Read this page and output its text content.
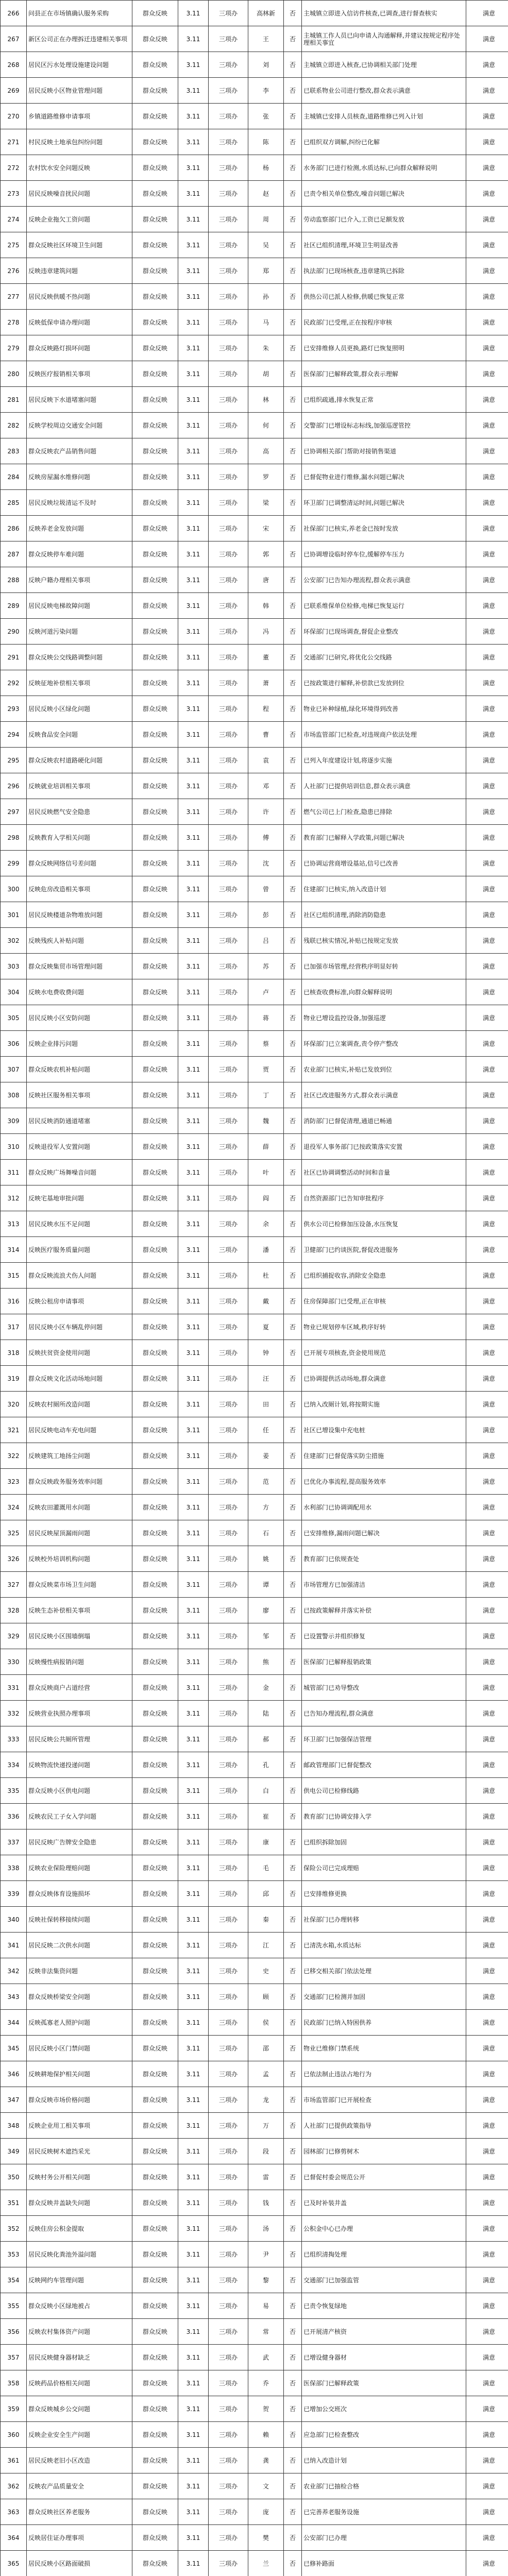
266	问县正在市场镇确认服务采购	群众反映	3.11	三项办	高林新	否	主城镇立即进入信访件核查,已调查,进行督查核实	满意	
267	新区公司正在办理拆迁违建相关事项	群众反映	3.11	三项办	王	否	主城镇工作人员已向申请人沟通解释,并建议按规定程序处理相关事宜	满意	
268	居民区污水处理设施建设问题	群众反映	3.11	三项办	刘	否	主城镇立即进入核查,已协调相关部门处理	满意	
269	居民反映小区物业管理问题	群众反映	3.11	三项办	李	否	已联系物业公司进行整改,群众表示满意	满意	
270	乡镇道路维修申请事项	群众反映	3.11	三项办	张	否	主城镇已安排人员核查,道路维修已列入计划	满意	
271	村民反映土地承包纠纷问题	群众反映	3.11	三项办	陈	否	已组织双方调解,纠纷已化解	满意	
272	农村饮水安全问题反映	群众反映	3.11	三项办	杨	否	水务部门已进行检测,水质达标,已向群众解释说明	满意	
273	居民反映噪音扰民问题	群众反映	3.11	三项办	赵	否	已责令相关单位整改,噪音问题已解决	满意	
274	反映企业拖欠工资问题	群众反映	3.11	三项办	周	否	劳动监察部门已介入,工资已足额发放	满意	
275	群众反映社区环境卫生问题	群众反映	3.11	三项办	吴	否	社区已组织清理,环境卫生明显改善	满意	
276	反映违章建筑问题	群众反映	3.11	三项办	郑	否	执法部门已现场核查,违章建筑已拆除	满意	
277	居民反映供暖不热问题	群众反映	3.11	三项办	孙	否	供热公司已派人检修,供暖已恢复正常	满意	
278	反映低保申请办理问题	群众反映	3.11	三项办	马	否	民政部门已受理,正在按程序审核	满意	
279	群众反映路灯损坏问题	群众反映	3.11	三项办	朱	否	已安排维修人员更换,路灯已恢复照明	满意	
280	反映医疗报销相关事项	群众反映	3.11	三项办	胡	否	医保部门已解释政策,群众表示理解	满意	
281	居民反映下水道堵塞问题	群众反映	3.11	三项办	林	否	已组织疏通,排水恢复正常	满意	
282	反映学校周边交通安全问题	群众反映	3.11	三项办	何	否	交警部门已增设标志标线,加强巡逻管控	满意	
283	群众反映农产品销售问题	群众反映	3.11	三项办	高	否	已协调相关部门帮助对接销售渠道	满意	
284	反映房屋漏水维修问题	群众反映	3.11	三项办	罗	否	已督促物业进行维修,漏水问题已解决	满意	
285	居民反映垃圾清运不及时	群众反映	3.11	三项办	梁	否	环卫部门已调整清运时间,问题已解决	满意	
286	反映养老金发放问题	群众反映	3.11	三项办	宋	否	社保部门已核实,养老金已按时发放	满意	
287	群众反映停车难问题	群众反映	3.11	三项办	郭	否	已协调增设临时停车位,缓解停车压力	满意	
288	反映户籍办理相关事项	群众反映	3.11	三项办	唐	否	公安部门已告知办理流程,群众表示满意	满意	
289	居民反映电梯故障问题	群众反映	3.11	三项办	韩	否	已联系维保单位检修,电梯已恢复运行	满意	
290	反映河道污染问题	群众反映	3.11	三项办	冯	否	环保部门已现场调查,督促企业整改	满意	
291	群众反映公交线路调整问题	群众反映	3.11	三项办	董	否	交通部门已研究,将优化公交线路	满意	
292	反映征地补偿相关事项	群众反映	3.11	三项办	萧	否	已按政策进行解释,补偿款已发放到位	满意	
293	居民反映小区绿化问题	群众反映	3.11	三项办	程	否	物业已补种绿植,绿化环境得到改善	满意	
294	反映食品安全问题	群众反映	3.11	三项办	曹	否	市场监管部门已检查,对违规商户依法处理	满意	
295	群众反映农村道路硬化问题	群众反映	3.11	三项办	袁	否	已列入年度建设计划,将逐步实施	满意	
296	反映就业培训相关事项	群众反映	3.11	三项办	邓	否	人社部门已提供培训信息,群众表示满意	满意	
297	居民反映燃气安全隐患	群众反映	3.11	三项办	许	否	燃气公司已上门检查,隐患已排除	满意	
298	反映教育入学相关问题	群众反映	3.11	三项办	傅	否	教育部门已解释入学政策,问题已解决	满意	
299	群众反映网络信号差问题	群众反映	3.11	三项办	沈	否	已协调运营商增设基站,信号已改善	满意	
300	反映危房改造相关事项	群众反映	3.11	三项办	曾	否	住建部门已核实,纳入改造计划	满意	
301	居民反映楼道杂物堆放问题	群众反映	3.11	三项办	彭	否	社区已组织清理,消除消防隐患	满意	
302	反映残疾人补贴问题	群众反映	3.11	三项办	吕	否	残联已核实情况,补贴已按规定发放	满意	
303	群众反映集贸市场管理问题	群众反映	3.11	三项办	苏	否	已加强市场管理,经营秩序明显好转	满意	
304	反映水电费收费问题	群众反映	3.11	三项办	卢	否	已核查收费标准,向群众解释说明	满意	
305	居民反映小区安防问题	群众反映	3.11	三项办	蒋	否	物业已增设监控设备,加强巡逻	满意	
306	反映企业排污问题	群众反映	3.11	三项办	蔡	否	环保部门已立案调查,责令停产整改	满意	
307	群众反映农机补贴问题	群众反映	3.11	三项办	贾	否	农业部门已核实,补贴已发放到位	满意	
308	反映社区服务相关事项	群众反映	3.11	三项办	丁	否	社区已改进服务方式,群众表示满意	满意	
309	居民反映消防通道堵塞	群众反映	3.11	三项办	魏	否	消防部门已督促清理,通道已畅通	满意	
310	反映退役军人安置问题	群众反映	3.11	三项办	薛	否	退役军人事务部门已按政策落实安置	满意	
311	群众反映广场舞噪音问题	群众反映	3.11	三项办	叶	否	社区已协调调整活动时间和音量	满意	
312	反映宅基地审批问题	群众反映	3.11	三项办	阎	否	自然资源部门已告知审批程序	满意	
313	居民反映水压不足问题	群众反映	3.11	三项办	余	否	供水公司已检修加压设备,水压恢复	满意	
314	反映医疗服务质量问题	群众反映	3.11	三项办	潘	否	卫健部门已约谈医院,督促改进服务	满意	
315	群众反映流浪犬伤人问题	群众反映	3.11	三项办	杜	否	已组织捕捉收容,消除安全隐患	满意	
316	反映公租房申请事项	群众反映	3.11	三项办	戴	否	住房保障部门已受理,正在审核	满意	
317	居民反映小区车辆乱停问题	群众反映	3.11	三项办	夏	否	物业已规划停车区域,秩序好转	满意	
318	反映扶贫资金使用问题	群众反映	3.11	三项办	钟	否	已开展专项核查,资金使用规范	满意	
319	群众反映文化活动场地问题	群众反映	3.11	三项办	汪	否	已协调提供活动场地,群众满意	满意	
320	反映农村厕所改造问题	群众反映	3.11	三项办	田	否	已纳入改厕计划,将按期实施	满意	
321	居民反映电动车充电问题	群众反映	3.11	三项办	任	否	社区已增设集中充电桩	满意	
322	反映建筑工地扬尘问题	群众反映	3.11	三项办	姜	否	住建部门已督促落实防尘措施	满意	
323	群众反映政务服务效率问题	群众反映	3.11	三项办	范	否	已优化办事流程,提高服务效率	满意	
324	反映农田灌溉用水问题	群众反映	3.11	三项办	方	否	水利部门已协调调配用水	满意	
325	居民反映屋顶漏雨问题	群众反映	3.11	三项办	石	否	已安排维修,漏雨问题已解决	满意	
326	反映校外培训机构问题	群众反映	3.11	三项办	姚	否	教育部门已依规查处	满意	
327	群众反映菜市场卫生问题	群众反映	3.11	三项办	谭	否	市场管理方已加强清洁	满意	
328	反映生态补偿相关事项	群众反映	3.11	三项办	廖	否	已按政策解释并落实补偿	满意	
329	居民反映小区围墙倒塌	群众反映	3.11	三项办	邹	否	已设置警示并组织修复	满意	
330	反映慢性病报销问题	群众反映	3.11	三项办	熊	否	医保部门已解释报销政策	满意	
331	群众反映商户占道经营	群众反映	3.11	三项办	金	否	城管部门已劝导整改	满意	
332	反映营业执照办理事项	群众反映	3.11	三项办	陆	否	已告知办理流程,群众满意	满意	
333	居民反映公共厕所管理	群众反映	3.11	三项办	郝	否	环卫部门已加强保洁管理	满意	
334	反映物流快递投递问题	群众反映	3.11	三项办	孔	否	邮政管理部门已督促整改	满意	
335	群众反映小区供电问题	群众反映	3.11	三项办	白	否	供电公司已检修线路	满意	
336	反映农民工子女入学问题	群众反映	3.11	三项办	崔	否	教育部门已协调安排入学	满意	
337	居民反映广告牌安全隐患	群众反映	3.11	三项办	康	否	已组织拆除加固	满意	
338	反映农业保险理赔问题	群众反映	3.11	三项办	毛	否	保险公司已完成理赔	满意	
339	群众反映体育设施损坏	群众反映	3.11	三项办	邱	否	已安排维修更换	满意	
340	反映社保转移接续问题	群众反映	3.11	三项办	秦	否	社保部门已办理转移	满意	
341	居民反映二次供水问题	群众反映	3.11	三项办	江	否	已清洗水箱,水质达标	满意	
342	反映非法集资问题	群众反映	3.11	三项办	史	否	已移交相关部门依法处理	满意	
343	群众反映桥梁安全问题	群众反映	3.11	三项办	顾	否	交通部门已检测并加固	满意	
344	反映孤寡老人照护问题	群众反映	3.11	三项办	侯	否	民政部门已纳入特困供养	满意	
345	居民反映小区门禁问题	群众反映	3.11	三项办	邵	否	物业已维修门禁系统	满意	
346	反映耕地保护相关问题	群众反映	3.11	三项办	孟	否	已依法制止违法占地行为	满意	
347	群众反映市场价格问题	群众反映	3.11	三项办	龙	否	市场监管部门已开展检查	满意	
348	反映企业用工相关事项	群众反映	3.11	三项办	万	否	人社部门已提供政策指导	满意	
349	居民反映树木遮挡采光	群众反映	3.11	三项办	段	否	园林部门已修剪树木	满意	
350	反映村务公开相关问题	群众反映	3.11	三项办	雷	否	已督促村委会规范公开	满意	
351	群众反映井盖缺失问题	群众反映	3.11	三项办	钱	否	已及时补装井盖	满意	
352	反映住房公积金提取	群众反映	3.11	三项办	汤	否	公积金中心已办理	满意	
353	居民反映化粪池外溢问题	群众反映	3.11	三项办	尹	否	已组织清掏处理	满意	
354	反映网约车管理问题	群众反映	3.11	三项办	黎	否	交通部门已加强监管	满意	
355	群众反映小区绿地被占	群众反映	3.11	三项办	易	否	已责令恢复绿地	满意	
356	反映农村集体资产问题	群众反映	3.11	三项办	常	否	已开展清产核资	满意	
357	居民反映健身器材缺乏	群众反映	3.11	三项办	武	否	已增设健身器材	满意	
358	反映药品价格相关问题	群众反映	3.11	三项办	乔	否	医保部门已解释政策	满意	
359	群众反映城乡公交问题	群众反映	3.11	三项办	贺	否	已增加公交班次	满意	
360	反映企业安全生产问题	群众反映	3.11	三项办	赖	否	应急部门已检查整改	满意	
361	居民反映老旧小区改造	群众反映	3.11	三项办	龚	否	已纳入改造计划	满意	
362	反映农产品质量安全	群众反映	3.11	三项办	文	否	农业部门已抽检合格	满意	
363	群众反映社区养老服务	群众反映	3.11	三项办	庞	否	已完善养老服务设施	满意	
364	反映居住证办理事项	群众反映	3.11	三项办	樊	否	公安部门已办理	满意	
365	居民反映小区路面破损	群众反映	3.11	三项办	兰	否	已修补路面	满意	
